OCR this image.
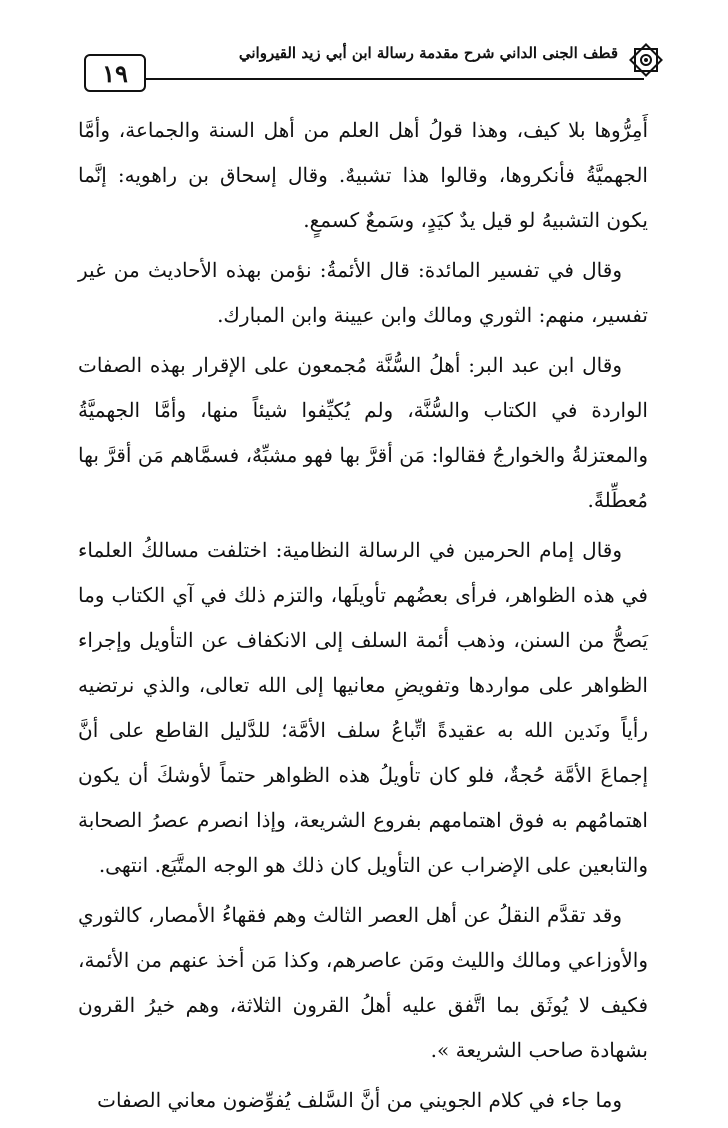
١٩
قطف الجنى الداني شرح مقدمة رسالة ابن أبي زيد القيرواني

أَمِرُّوها بلا كيف، وهذا قولُ أهل العلم من أهل السنة والجماعة، وأمَّا الجهميَّةُ فأنكروها، وقالوا هذا تشبيهٌ. وقال إسحاق بن راهويه: إنَّما يكون التشبيهُ لو قيل يدٌ كيَدٍ، وسَمعٌ كسمعٍ.

وقال في تفسير المائدة: قال الأئمةُ: نؤمن بهذه الأحاديث من غير تفسير، منهم: الثوري ومالك وابن عيينة وابن المبارك.

وقال ابن عبد البر: أهلُ السُّنَّة مُجمعون على الإقرار بهذه الصفات الواردة في الكتاب والسُّنَّة، ولم يُكيِّفوا شيئاً منها، وأمَّا الجهميَّةُ والمعتزلةُ والخوارجُ فقالوا: مَن أقرَّ بها فهو مشبِّهٌ، فسمَّاهم مَن أقرَّ بها مُعطِّلةً.

وقال إمام الحرمين في الرسالة النظامية: اختلفت مسالكُ العلماء في هذه الظواهر، فرأى بعضُهم تأويلَها، والتزم ذلك في آي الكتاب وما يَصحُّ من السنن، وذهب أئمة السلف إلى الانكفاف عن التأويل وإجراء الظواهر على مواردها وتفويضِ معانيها إلى الله تعالى، والذي نرتضيه رأياً ونَدين الله به عقيدةً اتِّباعُ سلف الأمَّة؛ للدَّليل القاطع على أنَّ إجماعَ الأمَّة حُجةٌ، فلو كان تأويلُ هذه الظواهر حتماً لأوشكَ أن يكون اهتمامُهم به فوق اهتمامهم بفروع الشريعة، وإذا انصرم عصرُ الصحابة والتابعين على الإضراب عن التأويل كان ذلك هو الوجه المتَّبَع. انتهى.

وقد تقدَّم النقلُ عن أهل العصر الثالث وهم فقهاءُ الأمصار، كالثوري والأوزاعي ومالك والليث ومَن عاصرهم، وكذا مَن أخذ عنهم من الأئمة، فكيف لا يُوثَق بما اتَّفق عليه أهلُ القرون الثلاثة، وهم خيرُ القرون بشهادة صاحب الشريعة ».

وما جاء في كلام الجويني من أنَّ السَّلف يُفوِّضون معاني الصفات
